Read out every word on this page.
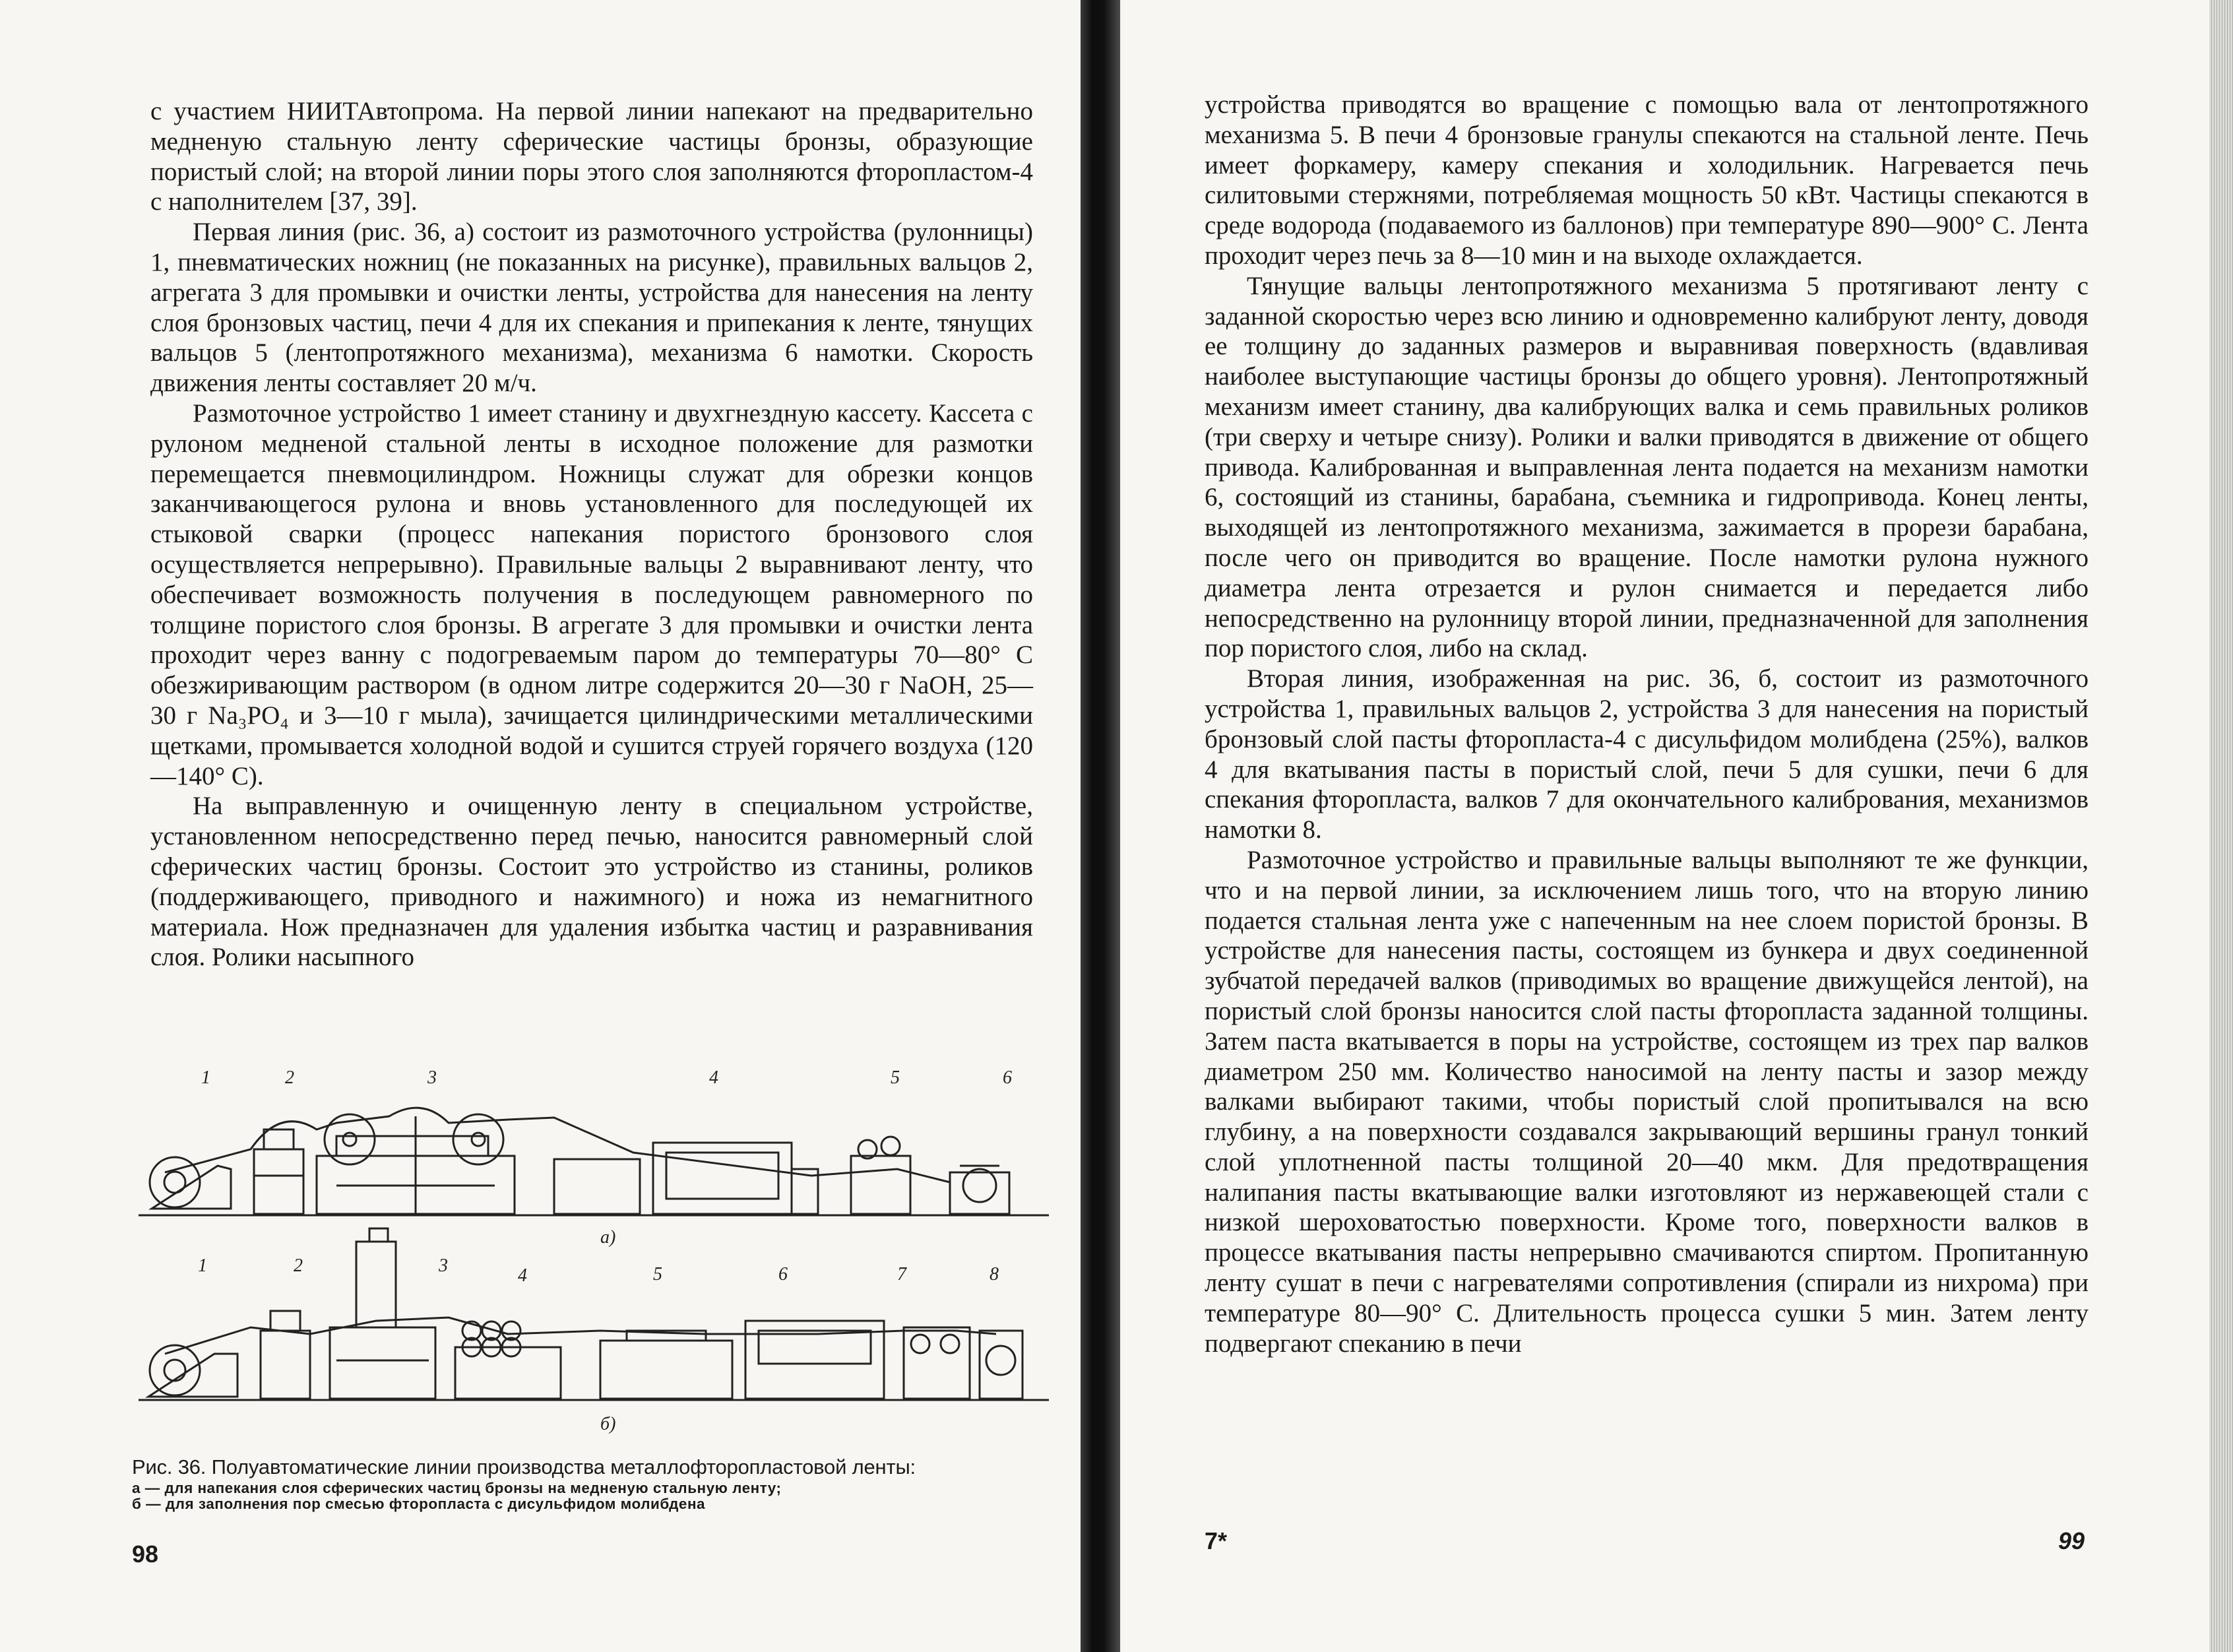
с участием НИИТАвтопрома. На первой линии напекают на предварительно медненую стальную ленту сферические частицы бронзы, образующие пористый слой; на второй линии поры этого слоя заполняются фторопластом-4 с наполнителем [37, 39].

Первая линия (рис. 36, а) состоит из размоточного устройства (рулонницы) 1, пневматических ножниц (не показанных на рисунке), правильных вальцов 2, агрегата 3 для промывки и очистки ленты, устройства для нанесения на ленту слоя бронзовых частиц, печи 4 для их спекания и припекания к ленте, тянущих вальцов 5 (лентопротяжного механизма), механизма 6 намотки. Скорость движения ленты составляет 20 м/ч.

Размоточное устройство 1 имеет станину и двухгнездную кассету. Кассета с рулоном медненой стальной ленты в исходное положение для размотки перемещается пневмоцилиндром. Ножницы служат для обрезки концов заканчивающегося рулона и вновь установленного для последующей их стыковой сварки (процесс напекания пористого бронзового слоя осуществляется непрерывно). Правильные вальцы 2 выравнивают ленту, что обеспечивает возможность получения в последующем равномерного по толщине пористого слоя бронзы. В агрегате 3 для промывки и очистки лента проходит через ванну с подогреваемым паром до температуры 70—80° С обезжиривающим раствором (в одном литре содержится 20—30 г NaOH, 25—30 г Na₃PO₄ и 3—10 г мыла), зачищается цилиндрическими металлическими щетками, промывается холодной водой и сушится струей горячего воздуха (120—140° С).

На выправленную и очищенную ленту в специальном устройстве, установленном непосредственно перед печью, наносится равномерный слой сферических частиц бронзы. Состоит это устройство из станины, роликов (поддерживающего, приводного и нажимного) и ножа из немагнитного материала. Нож предназначен для удаления избытка частиц и разравнивания слоя. Ролики насыпного

1	2	3	4	5	6
а)
1	2	3	4	5	6	7	8
б)
Рис. 36. Полуавтоматические линии производства металлофторопластовой ленты:
а — для напекания слоя сферических частиц бронзы на медненую стальную ленту;
б — для заполнения пор смесью фторопласта с дисульфидом молибдена
98

устройства приводятся во вращение с помощью вала от лентопротяжного механизма 5. В печи 4 бронзовые гранулы спекаются на стальной ленте. Печь имеет форкамеру, камеру спекания и холодильник. Нагревается печь силитовыми стержнями, потребляемая мощность 50 кВт. Частицы спекаются в среде водорода (подаваемого из баллонов) при температуре 890—900° С. Лента проходит через печь за 8—10 мин и на выходе охлаждается.

Тянущие вальцы лентопротяжного механизма 5 протягивают ленту с заданной скоростью через всю линию и одновременно калибруют ленту, доводя ее толщину до заданных размеров и выравнивая поверхность (вдавливая наиболее выступающие частицы бронзы до общего уровня). Лентопротяжный механизм имеет станину, два калибрующих валка и семь правильных роликов (три сверху и четыре снизу). Ролики и валки приводятся в движение от общего привода. Калиброванная и выправленная лента подается на механизм намотки 6, состоящий из станины, барабана, съемника и гидропривода. Конец ленты, выходящей из лентопротяжного механизма, зажимается в прорези барабана, после чего он приводится во вращение. После намотки рулона нужного диаметра лента отрезается и рулон снимается и передается либо непосредственно на рулонницу второй линии, предназначенной для заполнения пор пористого слоя, либо на склад.

Вторая линия, изображенная на рис. 36, б, состоит из размоточного устройства 1, правильных вальцов 2, устройства 3 для нанесения на пористый бронзовый слой пасты фторопласта-4 с дисульфидом молибдена (25%), валков 4 для вкатывания пасты в пористый слой, печи 5 для сушки, печи 6 для спекания фторопласта, валков 7 для окончательного калибрования, механизмов намотки 8.

Размоточное устройство и правильные вальцы выполняют те же функции, что и на первой линии, за исключением лишь того, что на вторую линию подается стальная лента уже с напеченным на нее слоем пористой бронзы. В устройстве для нанесения пасты, состоящем из бункера и двух соединенной зубчатой передачей валков (приводимых во вращение движущейся лентой), на пористый слой бронзы наносится слой пасты фторопласта заданной толщины. Затем паста вкатывается в поры на устройстве, состоящем из трех пар валков диаметром 250 мм. Количество наносимой на ленту пасты и зазор между валками выбирают такими, чтобы пористый слой пропитывался на всю глубину, а на поверхности создавался закрывающий вершины гранул тонкий слой уплотненной пасты толщиной 20—40 мкм. Для предотвращения налипания пасты вкатывающие валки изготовляют из нержавеющей стали с низкой шероховатостью поверхности. Кроме того, поверхности валков в процессе вкатывания пасты непрерывно смачиваются спиртом. Пропитанную ленту сушат в печи с нагревателями сопротивления (спирали из нихрома) при температуре 80—90° С. Длительность процесса сушки 5 мин. Затем ленту подвергают спеканию в печи

7*	99
